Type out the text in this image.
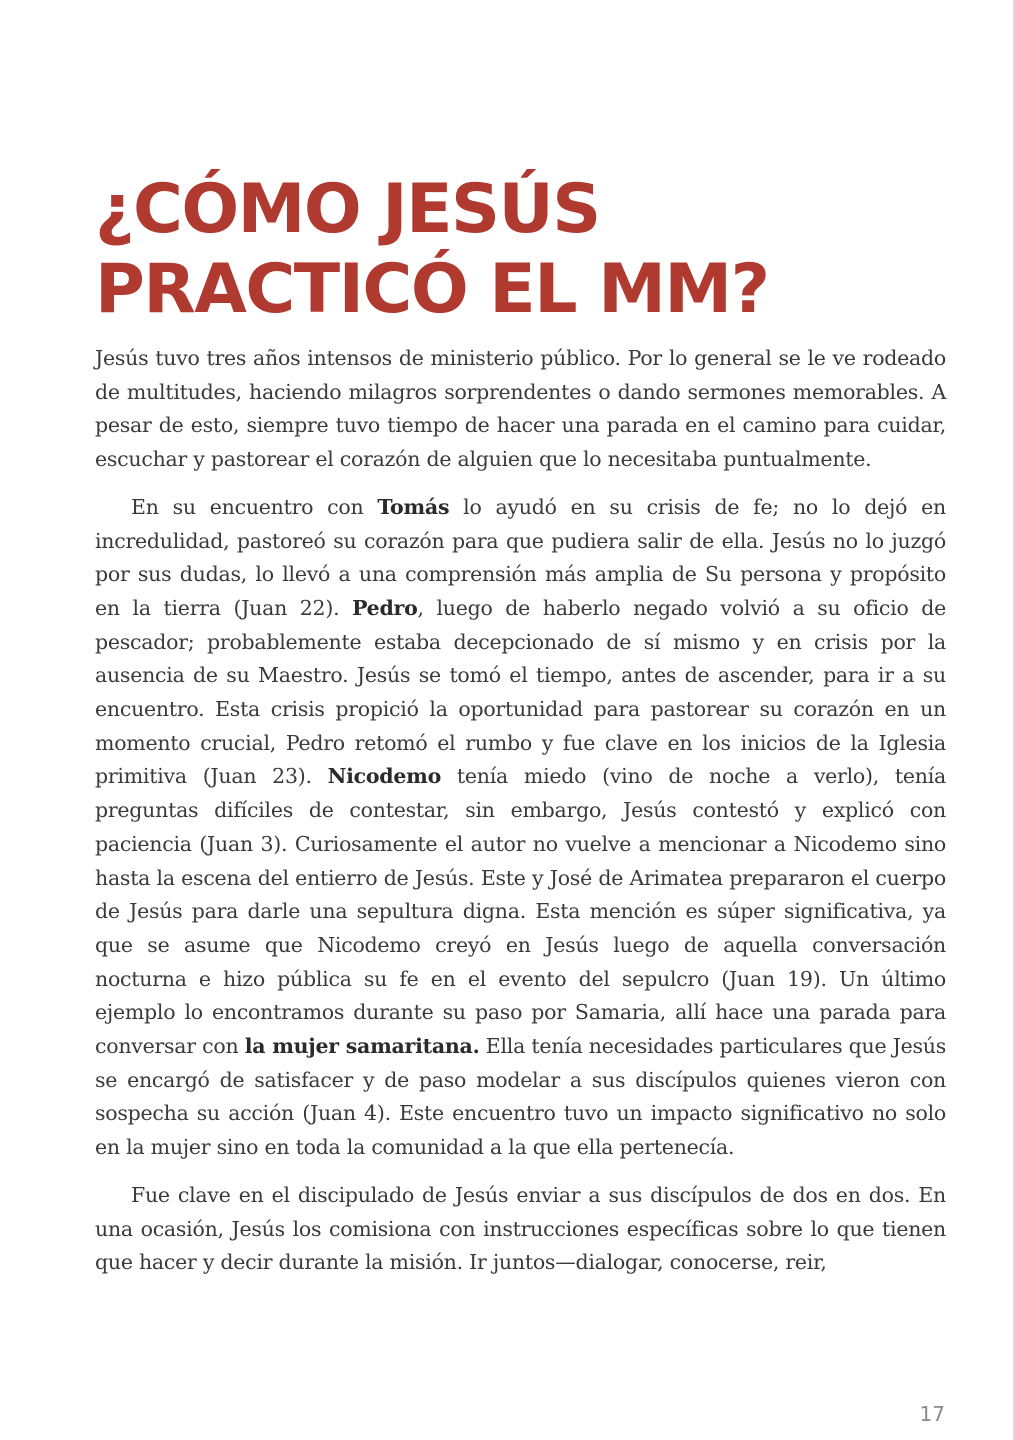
¿CÓMO JESÚS
PRACTICÓ EL MM?

Jesús tuvo tres años intensos de ministerio público. Por lo general se le ve rodeado de multitudes, haciendo milagros sorprendentes o dando sermones memorables. A pesar de esto, siempre tuvo tiempo de hacer una parada en el camino para cuidar, escuchar y pastorear el corazón de alguien que lo necesitaba puntualmente.

En su encuentro con Tomás lo ayudó en su crisis de fe; no lo dejó en incredulidad, pastoreó su corazón para que pudiera salir de ella. Jesús no lo juzgó por sus dudas, lo llevó a una comprensión más amplia de Su persona y propósito en la tierra (Juan 22). Pedro, luego de haberlo negado volvió a su oficio de pescador; probablemente estaba decepcionado de sí mismo y en crisis por la ausencia de su Maestro. Jesús se tomó el tiempo, antes de ascender, para ir a su encuentro. Esta crisis propició la oportunidad para pastorear su corazón en un momento crucial, Pedro retomó el rumbo y fue clave en los inicios de la Iglesia primitiva (Juan 23). Nicodemo tenía miedo (vino de noche a verlo), tenía preguntas difíciles de contestar, sin embargo, Jesús contestó y explicó con paciencia (Juan 3). Curiosamente el autor no vuelve a mencionar a Nicodemo sino hasta la escena del entierro de Jesús. Este y José de Arimatea prepararon el cuerpo de Jesús para darle una sepultura digna. Esta mención es súper significativa, ya que se asume que Nicodemo creyó en Jesús luego de aquella conversación nocturna e hizo pública su fe en el evento del sepulcro (Juan 19). Un último ejemplo lo encontramos durante su paso por Samaria, allí hace una parada para conversar con la mujer samaritana. Ella tenía necesidades particulares que Jesús se encargó de satisfacer y de paso modelar a sus discípulos quienes vieron con sospecha su acción (Juan 4). Este encuentro tuvo un impacto significativo no solo en la mujer sino en toda la comunidad a la que ella pertenecía.

Fue clave en el discipulado de Jesús enviar a sus discípulos de dos en dos. En una ocasión, Jesús los comisiona con instrucciones específicas sobre lo que tienen que hacer y decir durante la misión. Ir juntos—dialogar, conocerse, reir,

17
